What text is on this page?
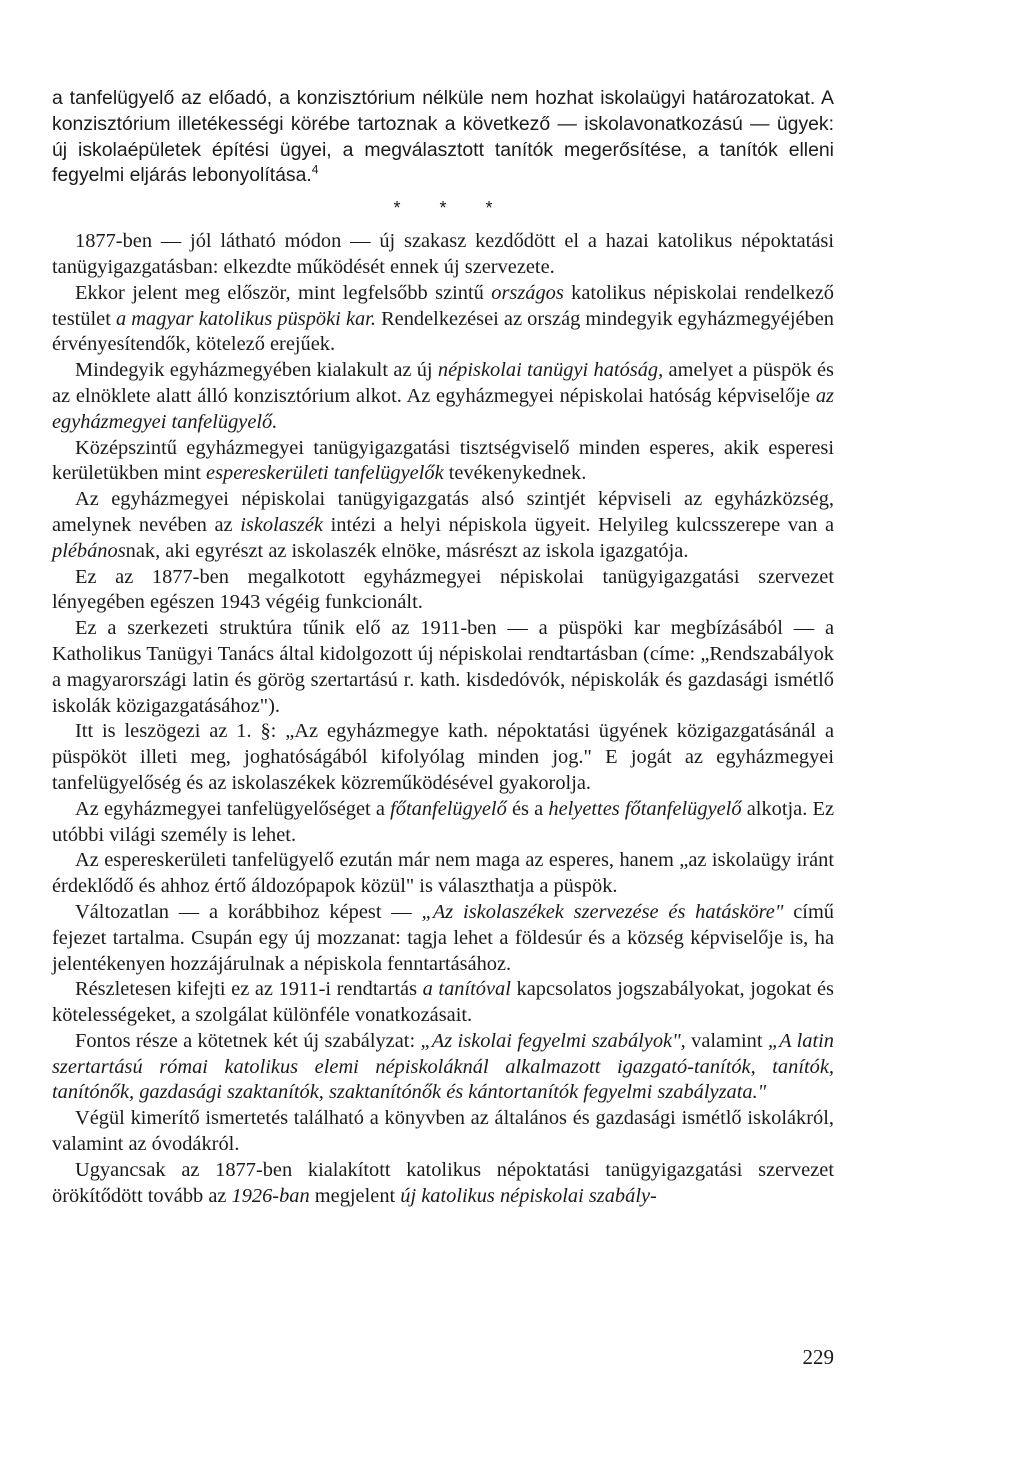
a tanfelügyelő az előadó, a konzisztórium nélküle nem hozhat iskolaügyi határozatokat. A konzisztórium illetékességi körébe tartoznak a következő — iskolavonatkozású — ügyek: új iskolaépületek építési ügyei, a megválasztott tanítók megerősítése, a tanítók elleni fegyelmi eljárás lebonyolítása.$^4$

* * *

1877-ben — jól látható módon — új szakasz kezdődött el a hazai katolikus népoktatási tanügyigazgatásban: elkezdte működését ennek új szervezete.

Ekkor jelent meg először, mint legfelsőbb szintű országos katolikus népiskolai rendelkező testület a magyar katolikus püspöki kar. Rendelkezései az ország mindegyik egyházmegyéjében érvényesítendők, kötelező erejűek.

Mindegyik egyházmegyében kialakult az új népiskolai tanügyi hatóság, amelyet a püspök és az elnöklete alatt álló konzisztórium alkot. Az egyházmegyei népiskolai hatóság képviselője az egyházmegyei tanfelügyelő.

Középszintű egyházmegyei tanügyigazgatási tisztségviselő minden esperes, akik esperesi kerületükben mint espereskerületi tanfelügyelők tevékenykednek.

Az egyházmegyei népiskolai tanügyigazgatás alsó szintjét képviseli az egyházközség, amelynek nevében az iskolaszék intézi a helyi népiskola ügyeit. Helyileg kulcsszerepe van a plébánosnak, aki egyrészt az iskolaszék elnöke, másrészt az iskola igazgatója.

Ez az 1877-ben megalkotott egyházmegyei népiskolai tanügyigazgatási szervezet lényegében egészen 1943 végéig funkcionált.

Ez a szerkezeti struktúra tűnik elő az 1911-ben — a püspöki kar megbízásából — a Katholikus Tanügyi Tanács által kidolgozott új népiskolai rendtartásban (címe: „Rendszabályok a magyarországi latin és görög szertartású r. kath. kisdedóvók, népiskolák és gazdasági ismétlő iskolák közigazgatásához").

Itt is leszögezi az 1. §: „Az egyházmegye kath. népoktatási ügyének közigazgatásánál a püspököt illeti meg, joghatóságából kifolyólag minden jog." E jogát az egyházmegyei tanfelügyelőség és az iskolaszékek közreműködésével gyakorolja.

Az egyházmegyei tanfelügyelőséget a főtanfelügyelő és a helyettes főtanfelügyelő alkotja. Ez utóbbi világi személy is lehet.

Az espereskerületi tanfelügyelő ezután már nem maga az esperes, hanem „az iskolaügy iránt érdeklődő és ahhoz értő áldozópapok közül" is választhatja a püspök.

Változatlan — a korábbihoz képest — „Az iskolaszékek szervezése és hatásköre" című fejezet tartalma. Csupán egy új mozzanat: tagja lehet a földesúr és a község képviselője is, ha jelentékenyen hozzájárulnak a népiskola fenntartásához.

Részletesen kifejti ez az 1911-i rendtartás a tanítóval kapcsolatos jogszabályokat, jogokat és kötelességeket, a szolgálat különféle vonatkozásait.

Fontos része a kötetnek két új szabályzat: „Az iskolai fegyelmi szabályok", valamint „A latin szertartású római katolikus elemi népiskoláknál alkalmazott igazgató-tanítók, tanítók, tanítónők, gazdasági szaktanítók, szaktanítónők és kántortanítók fegyelmi szabályzata."

Végül kimerítő ismertetés található a könyvben az általános és gazdasági ismétlő iskolákról, valamint az óvodákról.

Ugyancsak az 1877-ben kialakított katolikus népoktatási tanügyigazgatási szervezet örökítődött tovább az 1926-ban megjelent új katolikus népiskolai szabály-

229
